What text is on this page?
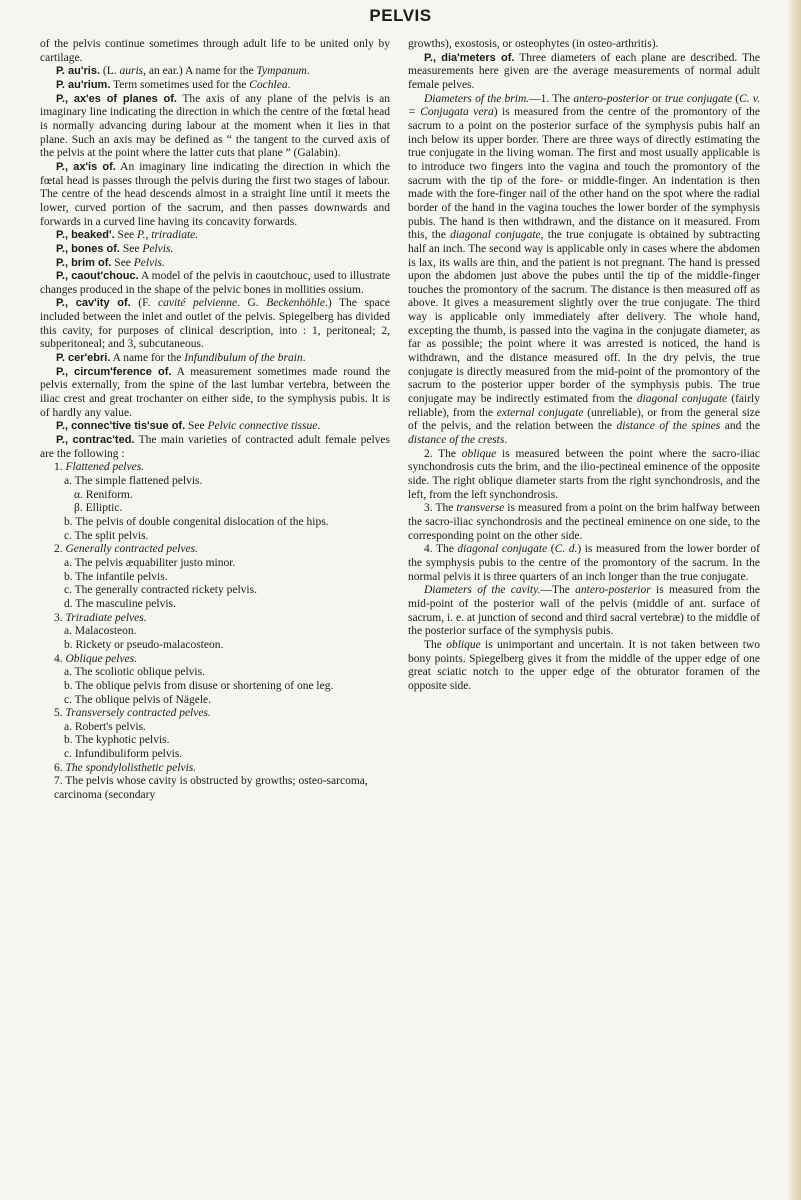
PELVIS

of the pelvis continue sometimes through adult life to be united only by cartilage.

P. au'ris. (L. auris, an ear.) A name for the Tympanum.

P. au'rium. Term sometimes used for the Cochlea.

P., ax'es of planes of. The axis of any plane of the pelvis is an imaginary line indicating the direction in which the centre of the fœtal head is normally advancing during labour at the moment when it lies in that plane. Such an axis may be defined as “ the tangent to the curved axis of the pelvis at the point where the latter cuts that plane ” (Galabin).

P., ax'is of. An imaginary line indicating the direction in which the fœtal head is passes through the pelvis during the first two stages of labour. The centre of the head descends almost in a straight line until it meets the lower, curved portion of the sacrum, and then passes downwards and forwards in a curved line having its concavity forwards.

P., beaked'. See P., triradiate.

P., bones of. See Pelvis.

P., brim of. See Pelvis.

P., caout'chouc. A model of the pelvis in caoutchouc, used to illustrate changes produced in the shape of the pelvic bones in mollities ossium.

P., cav'ity of. (F. cavité pelvienne. G. Beckenhöhle.) The space included between the inlet and outlet of the pelvis. Spiegelberg has divided this cavity, for purposes of clinical description, into : 1, peritoneal; 2, subperitoneal; and 3, subcutaneous.

P. cer'ebri. A name for the Infundibulum of the brain.

P., circum'ference of. A measurement sometimes made round the pelvis externally, from the spine of the last lumbar vertebra, between the iliac crest and great trochanter on either side, to the symphysis pubis. It is of hardly any value.

P., connec'tive tis'sue of. See Pelvic connective tissue.

P., contrac'ted. The main varieties of contracted adult female pelves are the following :

1. Flattened pelves.

a. The simple flattened pelvis.

α. Reniform.

β. Elliptic.

b. The pelvis of double congenital dislocation of the hips.

c. The split pelvis.

2. Generally contracted pelves.

a. The pelvis æquabiliter justo minor.

b. The infantile pelvis.

c. The generally contracted rickety pelvis.

d. The masculine pelvis.

3. Triradiate pelves.

a. Malacosteon.

b. Rickety or pseudo-malacosteon.

4. Oblique pelves.

a. The scoliotic oblique pelvis.

b. The oblique pelvis from disuse or shortening of one leg.

c. The oblique pelvis of Nägele.

5. Transversely contracted pelves.

a. Robert's pelvis.

b. The kyphotic pelvis.

c. Infundibuliform pelvis.

6. The spondylolisthetic pelvis.

7. The pelvis whose cavity is obstructed by growths; osteo-sarcoma, carcinoma (secondary

growths), exostosis, or osteophytes (in osteo-arthritis).

P., dia'meters of. Three diameters of each plane are described. The measurements here given are the average measurements of normal adult female pelves.

Diameters of the brim.—1. The antero-posterior or true conjugate (C. v. = Conjugata vera) is measured from the centre of the promontory of the sacrum to a point on the posterior surface of the symphysis pubis half an inch below its upper border. There are three ways of directly estimating the true conjugate in the living woman. The first and most usually applicable is to introduce two fingers into the vagina and touch the promontory of the sacrum with the tip of the fore- or middle-finger. An indentation is then made with the fore-finger nail of the other hand on the spot where the radial border of the hand in the vagina touches the lower border of the symphysis pubis. The hand is then withdrawn, and the distance on it measured. From this, the diagonal conjugate, the true conjugate is obtained by subtracting half an inch. The second way is applicable only in cases where the abdomen is lax, its walls are thin, and the patient is not pregnant. The hand is pressed upon the abdomen just above the pubes until the tip of the middle-finger touches the promontory of the sacrum. The distance is then measured off as above. It gives a measurement slightly over the true conjugate. The third way is applicable only immediately after delivery. The whole hand, excepting the thumb, is passed into the vagina in the conjugate diameter, as far as possible; the point where it was arrested is noticed, the hand is withdrawn, and the distance measured off. In the dry pelvis, the true conjugate is directly measured from the mid-point of the promontory of the sacrum to the posterior upper border of the symphysis pubis. The true conjugate may be indirectly estimated from the diagonal conjugate (fairly reliable), from the external conjugate (unreliable), or from the general size of the pelvis, and the relation between the distance of the spines and the distance of the crests.

2. The oblique is measured between the point where the sacro-iliac synchondrosis cuts the brim, and the ilio-pectineal eminence of the opposite side. The right oblique diameter starts from the right synchondrosis, and the left, from the left synchondrosis.

3. The transverse is measured from a point on the brim halfway between the sacro-iliac synchondrosis and the pectineal eminence on one side, to the corresponding point on the other side.

4. The diagonal conjugate (C. d.) is measured from the lower border of the symphysis pubis to the centre of the promontory of the sacrum. In the normal pelvis it is three quarters of an inch longer than the true conjugate.

Diameters of the cavity.—The antero-posterior is measured from the mid-point of the posterior wall of the pelvis (middle of ant. surface of sacrum, i. e. at junction of second and third sacral vertebræ) to the middle of the posterior surface of the symphysis pubis.

The oblique is unimportant and uncertain. It is not taken between two bony points. Spiegelberg gives it from the middle of the upper edge of one great sciatic notch to the upper edge of the obturator foramen of the opposite side.
